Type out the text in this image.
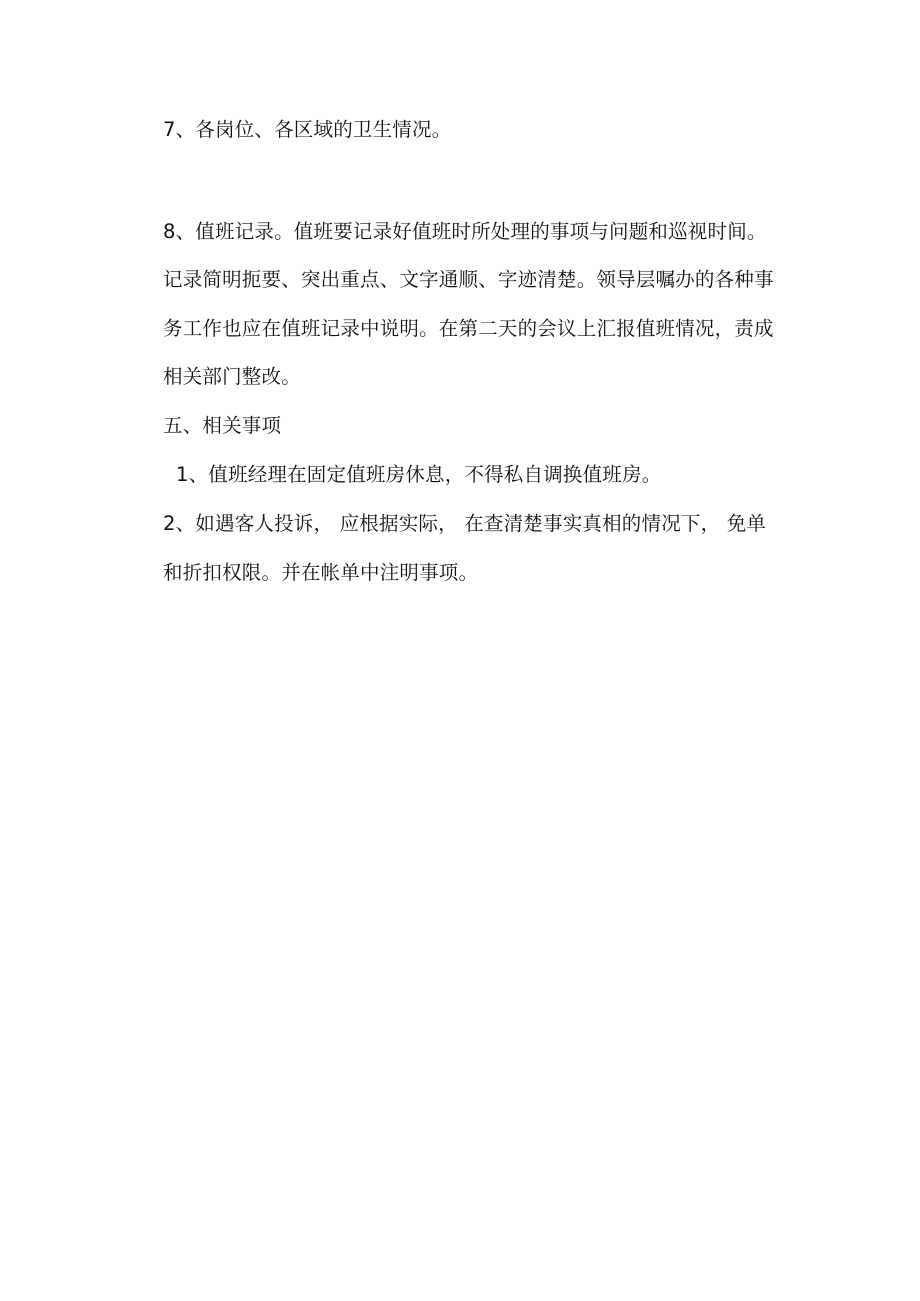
7、各岗位、各区域的卫生情况。
8、值班记录。值班要记录好值班时所处理的事项与问题和巡视时间。
记录简明扼要、突出重点、文字通顺、字迹清楚。领导层嘱办的各种事
务工作也应在值班记录中说明。在第二天的会议上汇报值班情况，责成
相关部门整改。
五、相关事项
1、值班经理在固定值班房休息，不得私自调换值班房。
2、如遇客人投诉， 应根据实际， 在查清楚事实真相的情况下， 免单
和折扣权限。并在帐单中注明事项。
